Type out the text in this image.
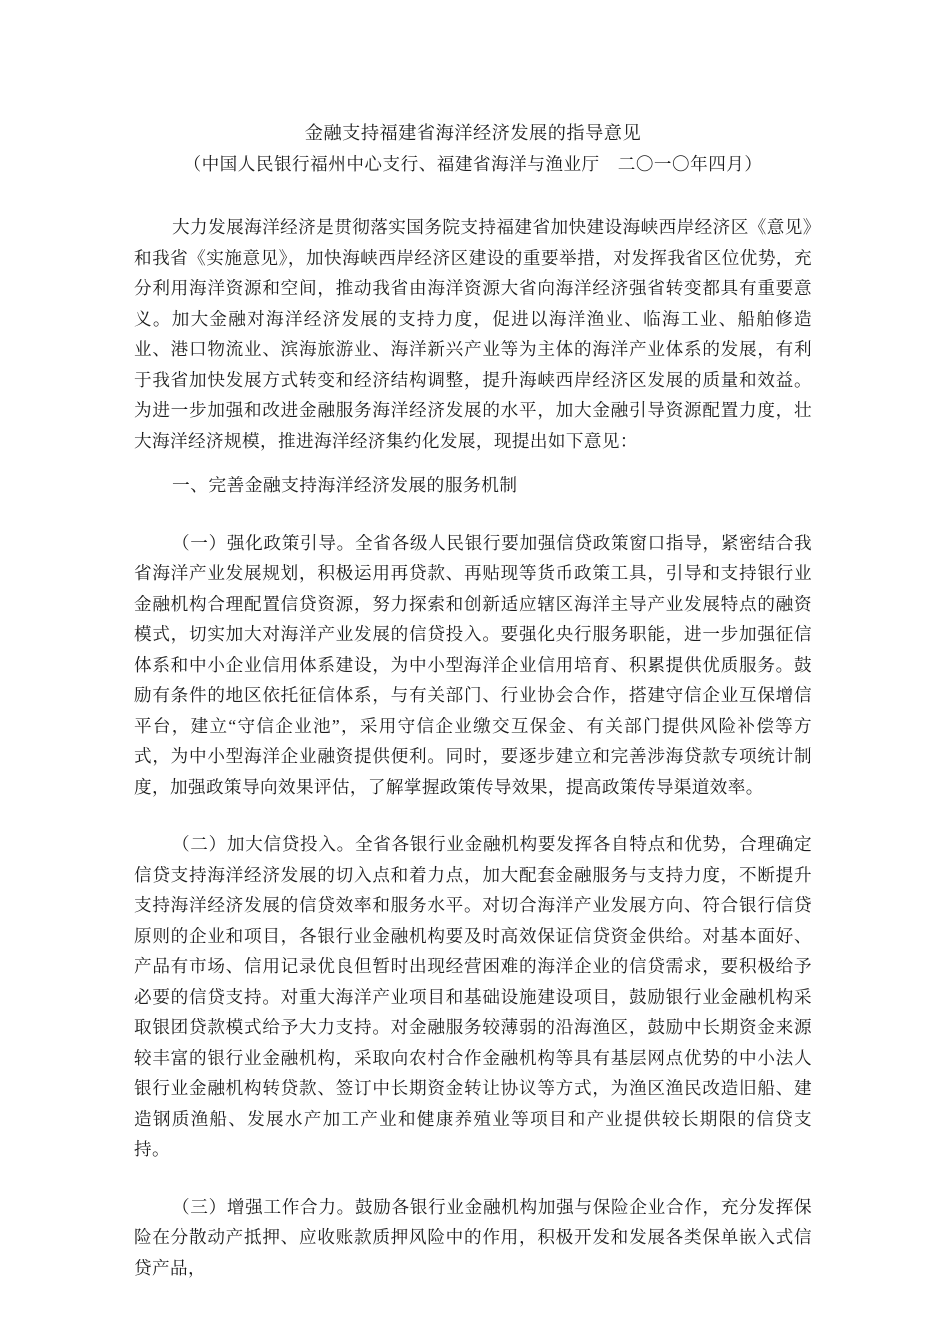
金融支持福建省海洋经济发展的指导意见
（中国人民银行福州中心支行、福建省海洋与渔业厅　二〇一〇年四月）

大力发展海洋经济是贯彻落实国务院支持福建省加快建设海峡西岸经济区《意见》和我省《实施意见》，加快海峡西岸经济区建设的重要举措，对发挥我省区位优势，充分利用海洋资源和空间，推动我省由海洋资源大省向海洋经济强省转变都具有重要意义。加大金融对海洋经济发展的支持力度，促进以海洋渔业、临海工业、船舶修造业、港口物流业、滨海旅游业、海洋新兴产业等为主体的海洋产业体系的发展，有利于我省加快发展方式转变和经济结构调整，提升海峡西岸经济区发展的质量和效益。为进一步加强和改进金融服务海洋经济发展的水平，加大金融引导资源配置力度，壮大海洋经济规模，推进海洋经济集约化发展，现提出如下意见：

一、完善金融支持海洋经济发展的服务机制

（一）强化政策引导。全省各级人民银行要加强信贷政策窗口指导，紧密结合我省海洋产业发展规划，积极运用再贷款、再贴现等货币政策工具，引导和支持银行业金融机构合理配置信贷资源，努力探索和创新适应辖区海洋主导产业发展特点的融资模式，切实加大对海洋产业发展的信贷投入。要强化央行服务职能，进一步加强征信体系和中小企业信用体系建设，为中小型海洋企业信用培育、积累提供优质服务。鼓励有条件的地区依托征信体系，与有关部门、行业协会合作，搭建守信企业互保增信平台，建立“守信企业池”，采用守信企业缴交互保金、有关部门提供风险补偿等方式，为中小型海洋企业融资提供便利。同时，要逐步建立和完善涉海贷款专项统计制度，加强政策导向效果评估，了解掌握政策传导效果，提高政策传导渠道效率。

（二）加大信贷投入。全省各银行业金融机构要发挥各自特点和优势，合理确定信贷支持海洋经济发展的切入点和着力点，加大配套金融服务与支持力度，不断提升支持海洋经济发展的信贷效率和服务水平。对切合海洋产业发展方向、符合银行信贷原则的企业和项目，各银行业金融机构要及时高效保证信贷资金供给。对基本面好、产品有市场、信用记录优良但暂时出现经营困难的海洋企业的信贷需求，要积极给予必要的信贷支持。对重大海洋产业项目和基础设施建设项目，鼓励银行业金融机构采取银团贷款模式给予大力支持。对金融服务较薄弱的沿海渔区，鼓励中长期资金来源较丰富的银行业金融机构，采取向农村合作金融机构等具有基层网点优势的中小法人银行业金融机构转贷款、签订中长期资金转让协议等方式，为渔区渔民改造旧船、建造钢质渔船、发展水产加工产业和健康养殖业等项目和产业提供较长期限的信贷支持。

（三）增强工作合力。鼓励各银行业金融机构加强与保险企业合作，充分发挥保险在分散动产抵押、应收账款质押风险中的作用，积极开发和发展各类保单嵌入式信贷产品，
